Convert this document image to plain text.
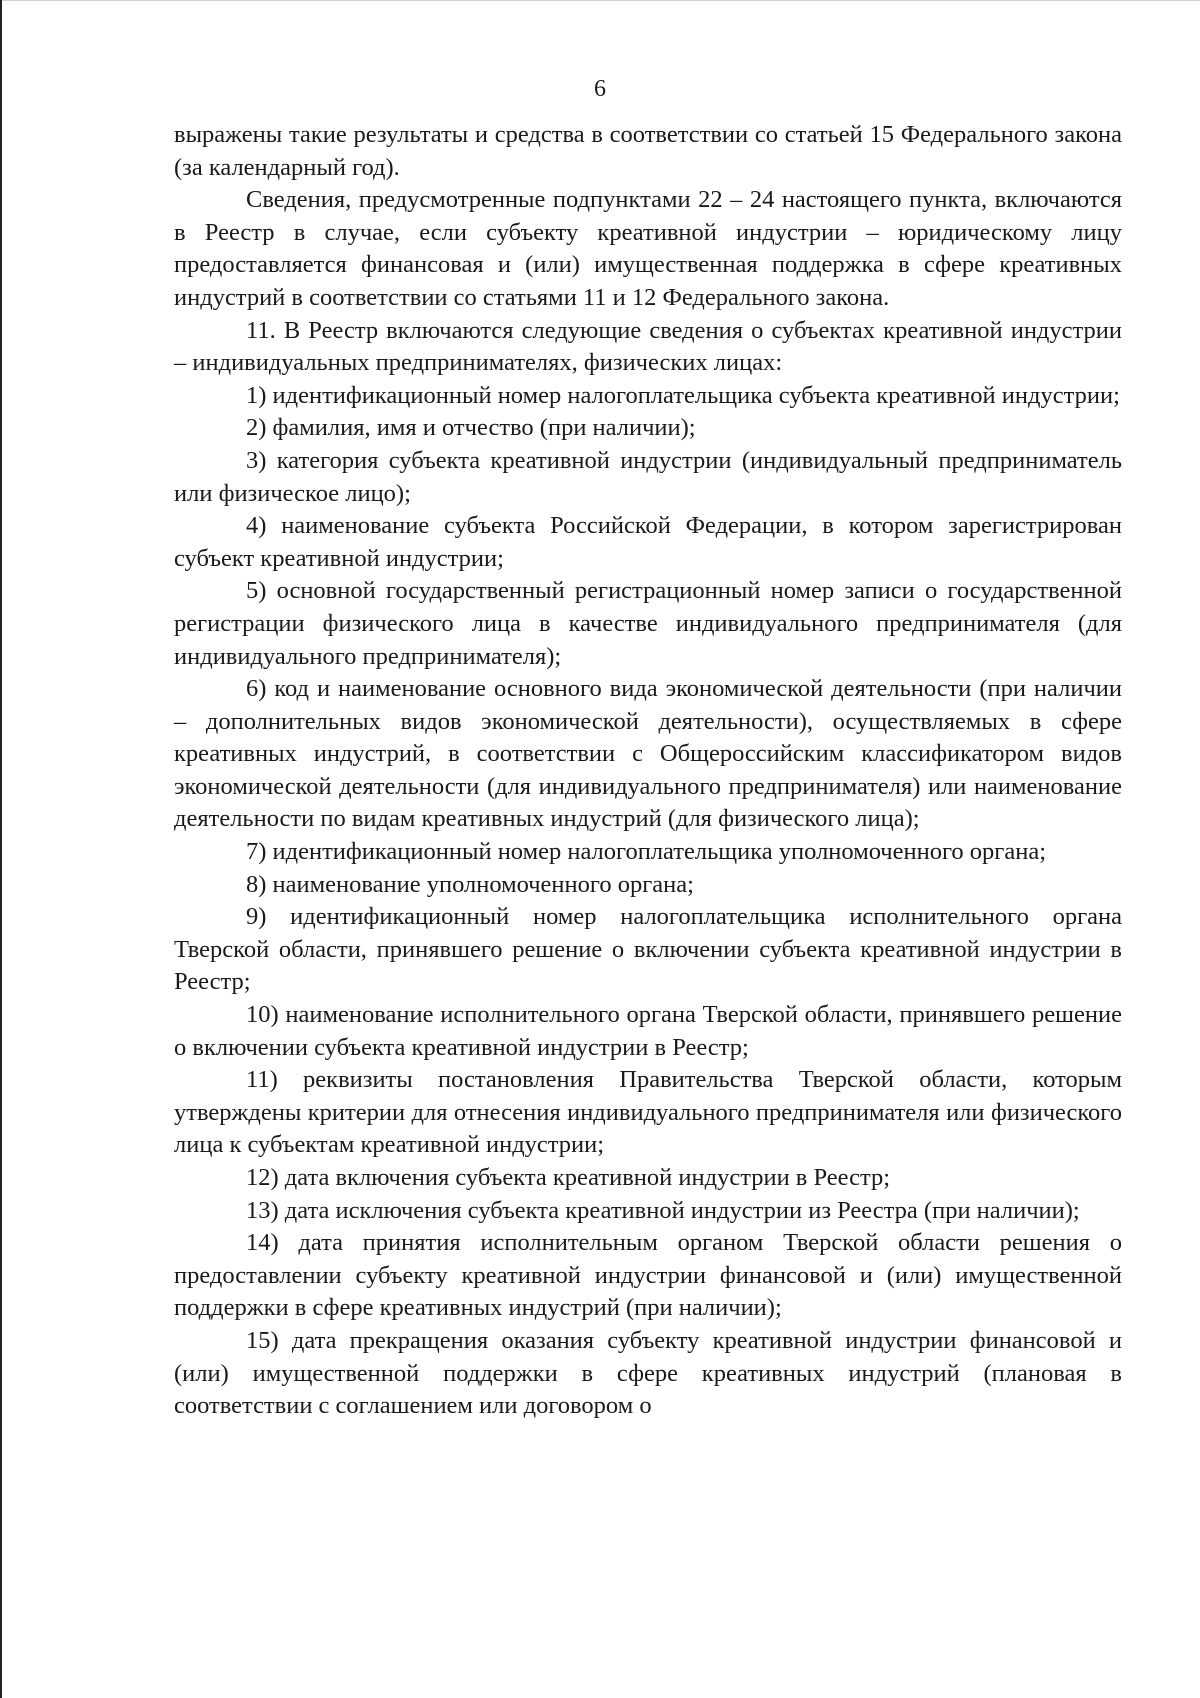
6

выражены такие результаты и средства в соответствии со статьей 15 Федерального закона (за календарный год).

Сведения, предусмотренные подпунктами 22 – 24 настоящего пункта, включаются в Реестр в случае, если субъекту креативной индустрии – юридическому лицу предоставляется финансовая и (или) имущественная поддержка в сфере креативных индустрий в соответствии со статьями 11 и 12 Федерального закона.

11. В Реестр включаются следующие сведения о субъектах креативной индустрии – индивидуальных предпринимателях, физических лицах:

1) идентификационный номер налогоплательщика субъекта креативной индустрии;

2) фамилия, имя и отчество (при наличии);

3) категория субъекта креативной индустрии (индивидуальный предприниматель или физическое лицо);

4) наименование субъекта Российской Федерации, в котором зарегистрирован субъект креативной индустрии;

5) основной государственный регистрационный номер записи о государственной регистрации физического лица в качестве индивидуального предпринимателя (для индивидуального предпринимателя);

6) код и наименование основного вида экономической деятельности (при наличии – дополнительных видов экономической деятельности), осуществляемых в сфере креативных индустрий, в соответствии с Общероссийским классификатором видов экономической деятельности (для индивидуального предпринимателя) или наименование деятельности по видам креативных индустрий (для физического лица);

7) идентификационный номер налогоплательщика уполномоченного органа;

8) наименование уполномоченного органа;

9) идентификационный номер налогоплательщика исполнительного органа Тверской области, принявшего решение о включении субъекта креативной индустрии в Реестр;

10) наименование исполнительного органа Тверской области, принявшего решение о включении субъекта креативной индустрии в Реестр;

11) реквизиты постановления Правительства Тверской области, которым утверждены критерии для отнесения индивидуального предпринимателя или физического лица к субъектам креативной индустрии;

12) дата включения субъекта креативной индустрии в Реестр;

13) дата исключения субъекта креативной индустрии из Реестра (при наличии);

14) дата принятия исполнительным органом Тверской области решения о предоставлении субъекту креативной индустрии финансовой и (или) имущественной поддержки в сфере креативных индустрий (при наличии);

15) дата прекращения оказания субъекту креативной индустрии финансовой и (или) имущественной поддержки в сфере креативных индустрий (плановая в соответствии с соглашением или договором о
